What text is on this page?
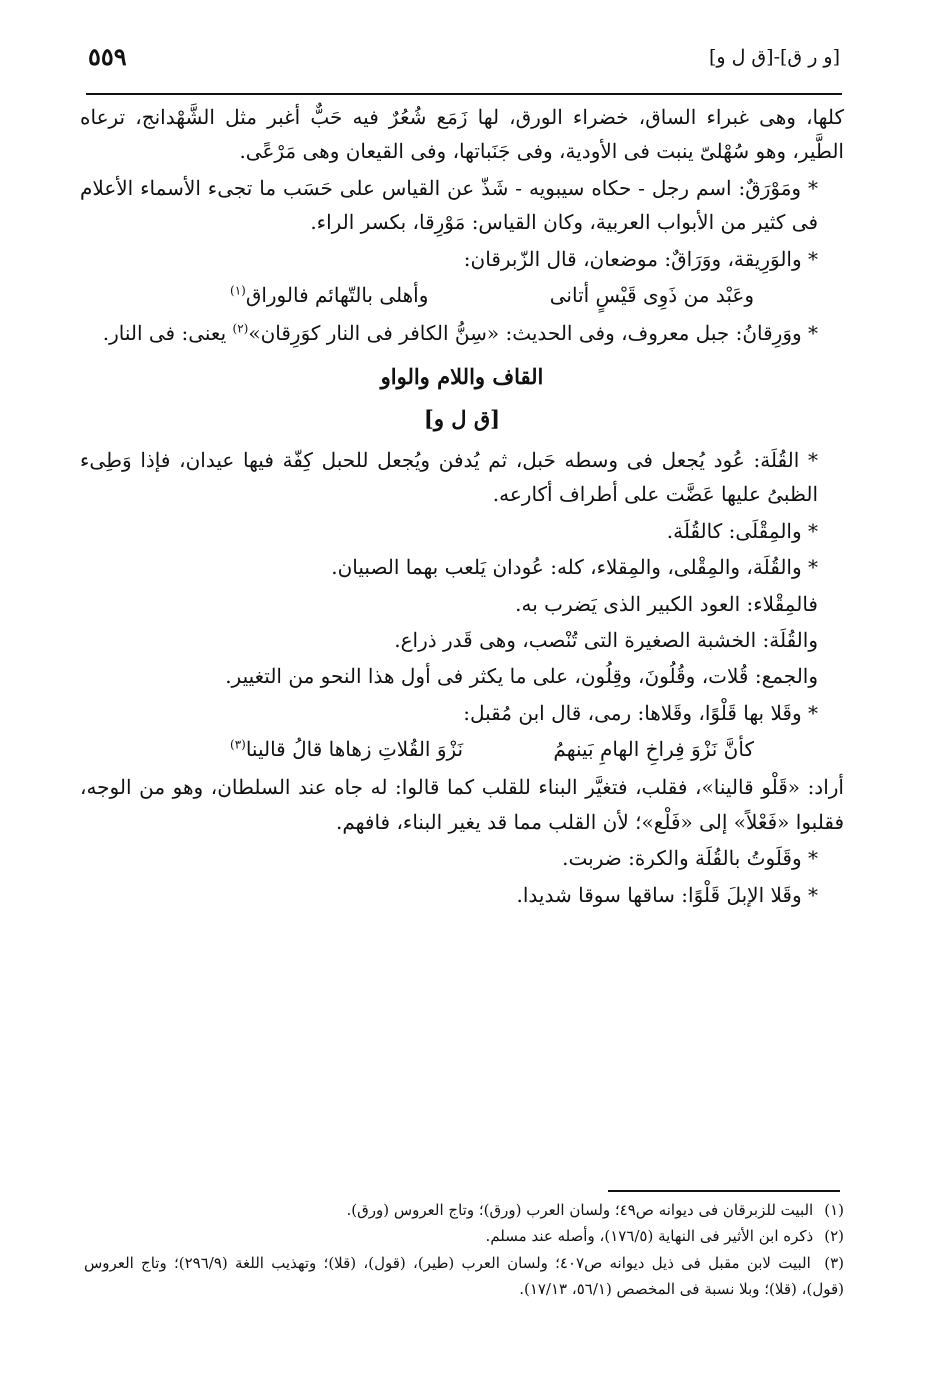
[و ر ق]-[ق ل و]
٥٥٩

كلها، وهى غبراء الساق، خضراء الورق، لها زَمَع شُعُرٌ فيه حَبٌّ أغبر مثل الشَّهْدانج، ترعاه الطَّير، وهو سُهْلىّ ينبت فى الأودية، وفى جَنَباتها، وفى القيعان وهى مَرْعًى.

* ومَوْرَقٌ: اسم رجل - حكاه سيبويه - شَذّ عن القياس على حَسَب ما تجىء الأسماء الأعلام فى كثير من الأبواب العربية، وكان القياس: مَوْرِقا، بكسر الراء.

* والوَرِيقة، ووَرَاقٌ: موضعان، قال الزّبرقان:

وعَبْد من ذَوِى قَيْسٍ أتانى
وأهلى بالتّهائم فالوراق$^{(١)}$

* ووَرِقانُ: جبل معروف، وفى الحديث: «سِنُّ الكافر فى النار كوَرِقان»$^{(٢)}$ يعنى: فى النار.

القاف واللام والواو
[ق ل و]

* القُلَة: عُود يُجعل فى وسطه حَبل، ثم يُدفن ويُجعل للحبل كِفّة فيها عيدان، فإذا وَطِىء الظبىُ عليها عَضَّت على أطراف أكارعه.

* والمِقْلَى: كالقُلَة.

* والقُلَة، والمِقْلى، والمِقلاء، كله: عُودان يَلعب بهما الصبيان.

فالمِقْلاء: العود الكبير الذى يَضرب به.

والقُلَة: الخشبة الصغيرة التى تُنْصب، وهى قَدر ذراع.

والجمع: قُلات، وقُلُونَ، وقِلُون، على ما يكثر فى أول هذا النحو من التغيير.

* وقَلا بها قَلْوًا، وقَلاها: رمى، قال ابن مُقبل:

كأنَّ نَزْوَ فِراخِ الهامِ بَينهمُ
نَزْوَ القُلاتِ زهاها قالُ قالينا$^{(٣)}$

أراد: «قَلْو قالينا»، فقلب، فتغيَّر البناء للقلب كما قالوا: له جاه عند السلطان، وهو من الوجه، فقلبوا «فَعْلاً» إلى «فَلْع»؛ لأن القلب مما قد يغير البناء، فافهم.

* وقَلَوتُ بالقُلَة والكرة: ضربت.

* وقَلا الإبلَ قَلْوًا: ساقها سوقا شديدا.

(١) البيت للزبرقان فى ديوانه ص٤٩؛ ولسان العرب (ورق)؛ وتاج العروس (ورق).

(٢) ذكره ابن الأثير فى النهاية (١٧٦/٥)، وأصله عند مسلم.

(٣) البيت لابن مقبل فى ذيل ديوانه ص٤٠٧؛ ولسان العرب (طير)، (قول)، (قلا)؛ وتهذيب اللغة (٢٩٦/٩)؛ وتاج العروس (قول)، (قلا)؛ وبلا نسبة فى المخصص (٥٦/١، ١٧/١٣).
